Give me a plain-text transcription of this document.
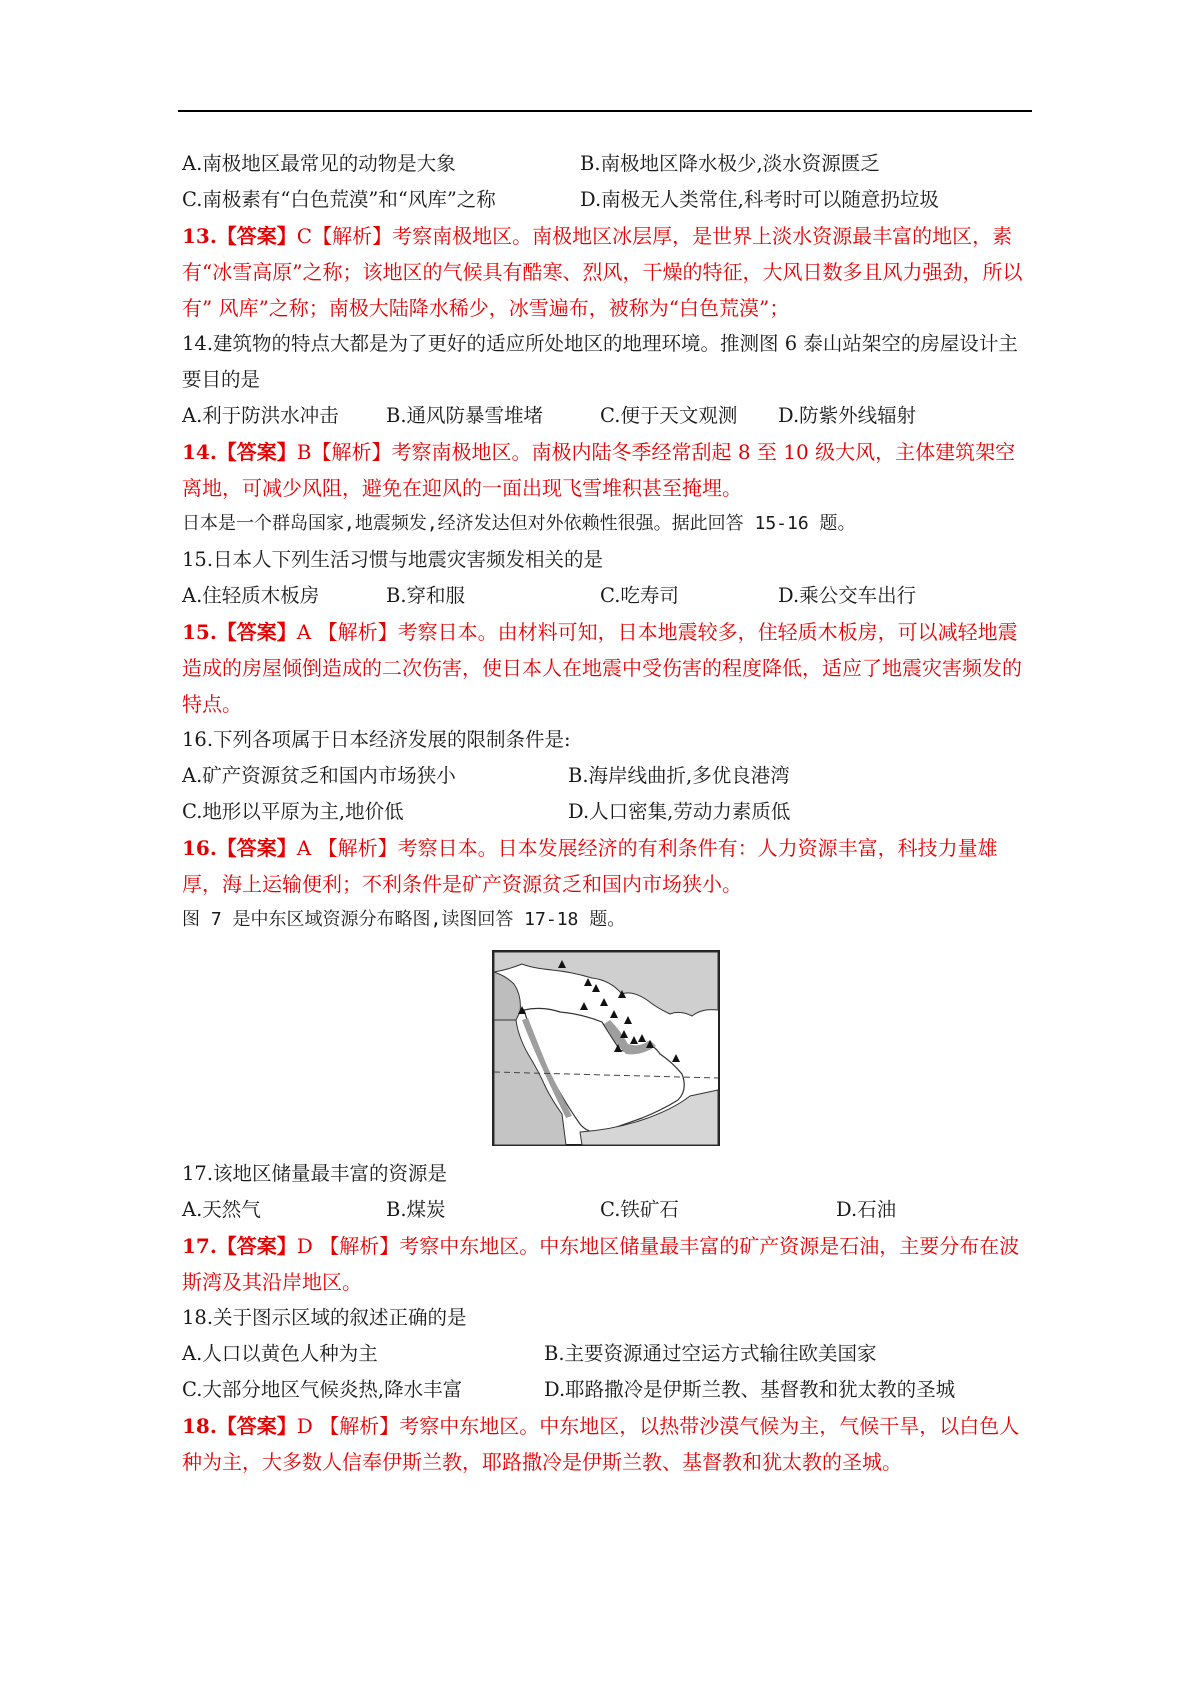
A.南极地区最常见的动物是大象	B.南极地区降水极少,淡水资源匮乏
C.南极素有“白色荒漠”和“风库”之称	D.南极无人类常住,科考时可以随意扔垃圾
13.【答案】C【解析】考察南极地区。南极地区冰层厚，是世界上淡水资源最丰富的地区，素有“冰雪高原”之称；该地区的气候具有酷寒、烈风，干燥的特征，大风日数多且风力强劲，所以有” 风库”之称；南极大陆降水稀少，冰雪遍布，被称为“白色荒漠”；
14.建筑物的特点大都是为了更好的适应所处地区的地理环境。推测图 6 泰山站架空的房屋设计主要目的是
A.利于防洪水冲击	B.通风防暴雪堆堵	C.便于天文观测	D.防紫外线辐射
14.【答案】B【解析】考察南极地区。南极内陆冬季经常刮起 8 至 10 级大风，主体建筑架空离地，可减少风阻，避免在迎风的一面出现飞雪堆积甚至掩埋。
日本是一个群岛国家,地震频发,经济发达但对外依赖性很强。据此回答 15-16 题。
15.日本人下列生活习惯与地震灾害频发相关的是
A.住轻质木板房	B.穿和服	C.吃寿司	D.乘公交车出行
15.【答案】A 【解析】考察日本。由材料可知，日本地震较多，住轻质木板房，可以减轻地震造成的房屋倾倒造成的二次伤害，使日本人在地震中受伤害的程度降低，适应了地震灾害频发的特点。
16.下列各项属于日本经济发展的限制条件是:
A.矿产资源贫乏和国内市场狭小	B.海岸线曲折,多优良港湾
C.地形以平原为主,地价低	D.人口密集,劳动力素质低
16.【答案】A 【解析】考察日本。日本发展经济的有利条件有：人力资源丰富，科技力量雄厚，海上运输便利；不利条件是矿产资源贫乏和国内市场狭小。
图 7 是中东区域资源分布略图,读图回答 17-18 题。
17.该地区储量最丰富的资源是
A.天然气	B.煤炭	C.铁矿石	D.石油
17.【答案】D 【解析】考察中东地区。中东地区储量最丰富的矿产资源是石油，主要分布在波斯湾及其沿岸地区。
18.关于图示区域的叙述正确的是
A.人口以黄色人种为主	B.主要资源通过空运方式输往欧美国家
C.大部分地区气候炎热,降水丰富	D.耶路撒冷是伊斯兰教、基督教和犹太教的圣城
18.【答案】D 【解析】考察中东地区。中东地区，以热带沙漠气候为主，气候干旱，以白色人种为主，大多数人信奉伊斯兰教，耶路撒冷是伊斯兰教、基督教和犹太教的圣城。
